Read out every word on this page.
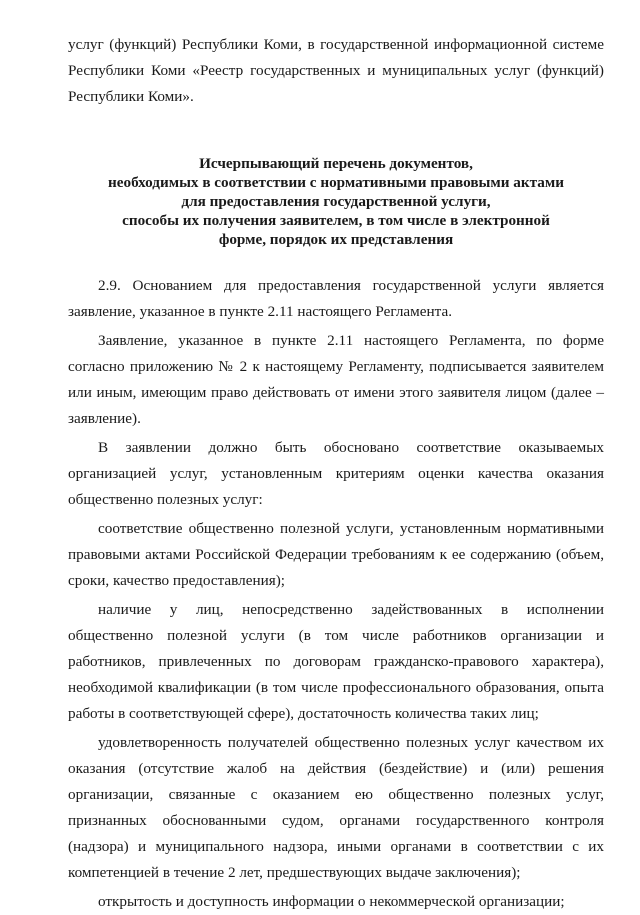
услуг (функций) Республики Коми, в государственной информационной системе Республики Коми «Реестр государственных и муниципальных услуг (функций) Республики Коми».

Исчерпывающий перечень документов,
необходимых в соответствии с нормативными правовыми актами
для предоставления государственной услуги,
способы их получения заявителем, в том числе в электронной
форме, порядок их представления

2.9. Основанием для предоставления государственной услуги является заявление, указанное в пункте 2.11 настоящего Регламента.

Заявление, указанное в пункте 2.11 настоящего Регламента, по форме согласно приложению № 2 к настоящему Регламенту, подписывается заявителем или иным, имеющим право действовать от имени этого заявителя лицом (далее – заявление).

В заявлении должно быть обосновано соответствие оказываемых организацией услуг, установленным критериям оценки качества оказания общественно полезных услуг:

соответствие общественно полезной услуги, установленным нормативными правовыми актами Российской Федерации требованиям к ее содержанию (объем, сроки, качество предоставления);

наличие у лиц, непосредственно задействованных в исполнении общественно полезной услуги (в том числе работников организации и работников, привлеченных по договорам гражданско-правового характера), необходимой квалификации (в том числе профессионального образования, опыта работы в соответствующей сфере), достаточность количества таких лиц;

удовлетворенность получателей общественно полезных услуг качеством их оказания (отсутствие жалоб на действия (бездействие) и (или) решения организации, связанные с оказанием ею общественно полезных услуг, признанных обоснованными судом, органами государственного контроля (надзора) и муниципального надзора, иными органами в соответствии с их компетенцией в течение 2 лет, предшествующих выдаче заключения);

открытость и доступность информации о некоммерческой организации;
